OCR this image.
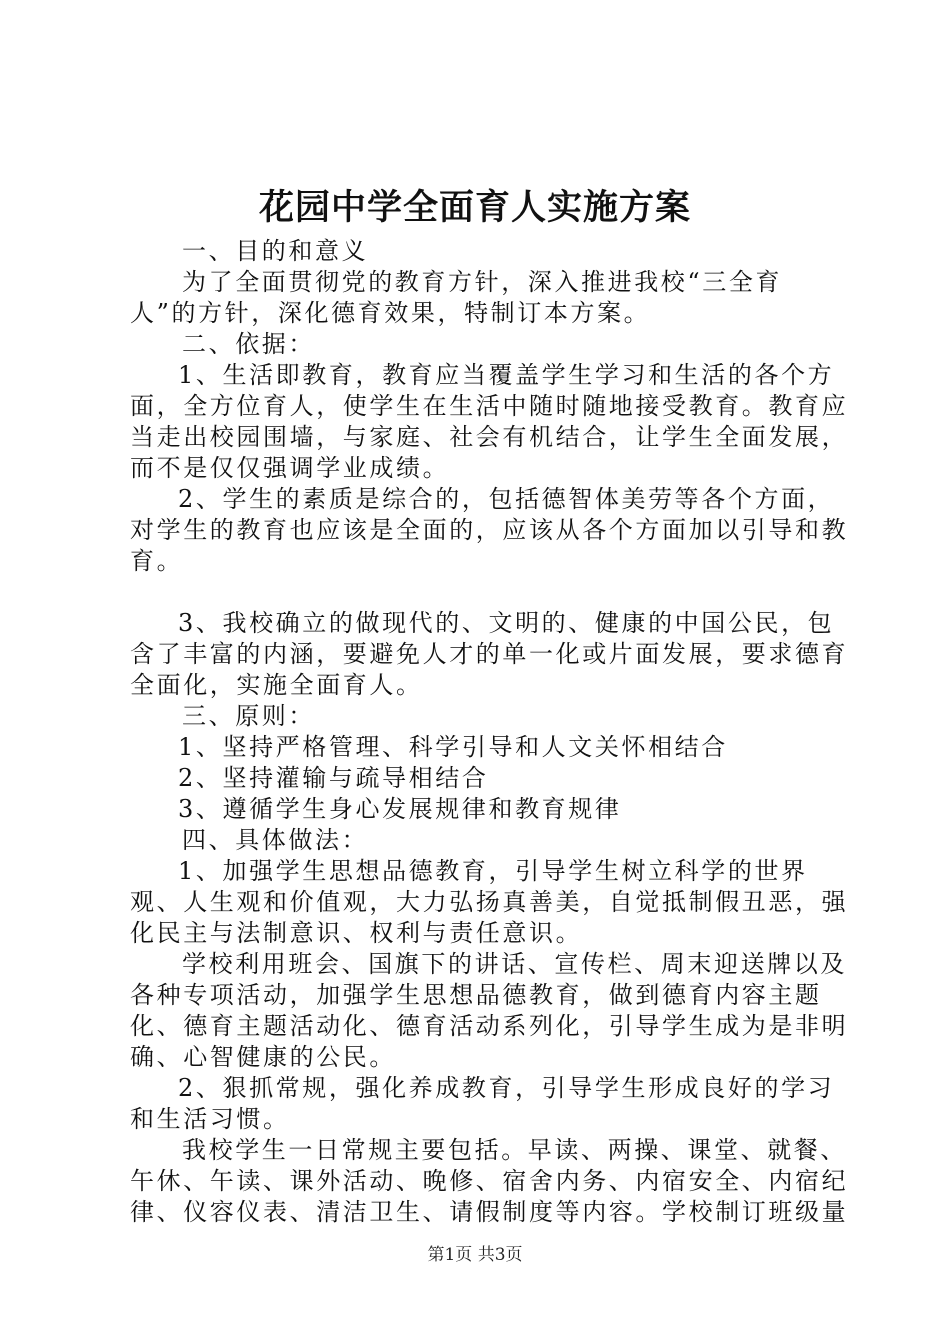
花园中学全面育人实施方案

一、目的和意义

为了全面贯彻党的教育方针，深入推进我校“三全育人”的方针，深化德育效果，特制订本方案。

二、依据：

1、生活即教育，教育应当覆盖学生学习和生活的各个方面，全方位育人，使学生在生活中随时随地接受教育。教育应当走出校园围墙，与家庭、社会有机结合，让学生全面发展，而不是仅仅强调学业成绩。

2、学生的素质是综合的，包括德智体美劳等各个方面，对学生的教育也应该是全面的，应该从各个方面加以引导和教育。

3、我校确立的做现代的、文明的、健康的中国公民，包含了丰富的内涵，要避免人才的单一化或片面发展，要求德育全面化，实施全面育人。

三、原则：

1、坚持严格管理、科学引导和人文关怀相结合

2、坚持灌输与疏导相结合

3、遵循学生身心发展规律和教育规律

四、具体做法：

1、加强学生思想品德教育，引导学生树立科学的世界观、人生观和价值观，大力弘扬真善美，自觉抵制假丑恶，强化民主与法制意识、权利与责任意识。

学校利用班会、国旗下的讲话、宣传栏、周末迎送牌以及各种专项活动，加强学生思想品德教育，做到德育内容主题化、德育主题活动化、德育活动系列化，引导学生成为是非明确、心智健康的公民。

2、狠抓常规，强化养成教育，引导学生形成良好的学习和生活习惯。

我校学生一日常规主要包括。早读、两操、课堂、就餐、午休、午读、课外活动、晚修、宿舍内务、内宿安全、内宿纪律、仪容仪表、清洁卫生、请假制度等内容。学校制订班级量

第1页 共3页
